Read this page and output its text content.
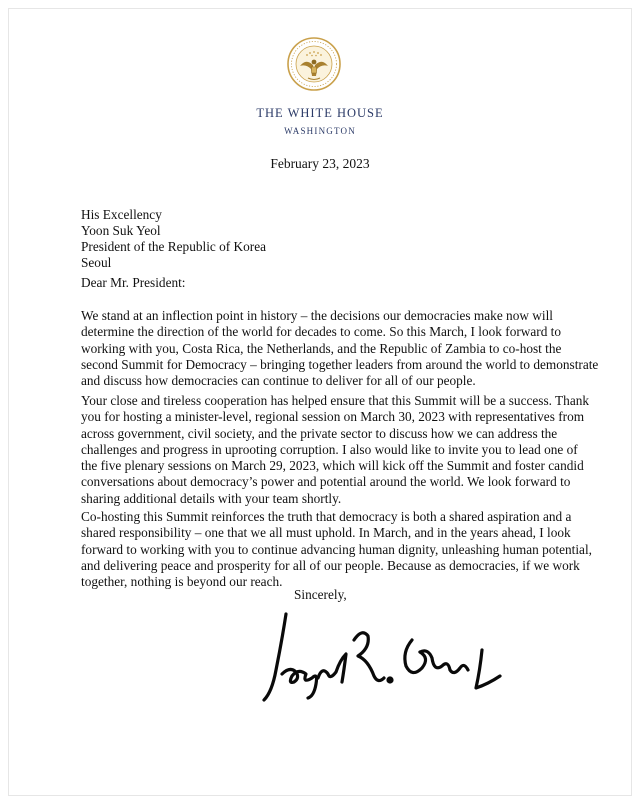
THE WHITE HOUSE
WASHINGTON
February 23, 2023
His Excellency
Yoon Suk Yeol
President of the Republic of Korea
Seoul
Dear Mr. President:
We stand at an inflection point in history – the decisions our democracies make now will
determine the direction of the world for decades to come. So this March, I look forward to
working with you, Costa Rica, the Netherlands, and the Republic of Zambia to co-host the
second Summit for Democracy – bringing together leaders from around the world to demonstrate
and discuss how democracies can continue to deliver for all of our people.
Your close and tireless cooperation has helped ensure that this Summit will be a success. Thank
you for hosting a minister-level, regional session on March 30, 2023 with representatives from
across government, civil society, and the private sector to discuss how we can address the
challenges and progress in uprooting corruption. I also would like to invite you to lead one of
the five plenary sessions on March 29, 2023, which will kick off the Summit and foster candid
conversations about democracy’s power and potential around the world. We look forward to
sharing additional details with your team shortly.
Co-hosting this Summit reinforces the truth that democracy is both a shared aspiration and a
shared responsibility – one that we all must uphold. In March, and in the years ahead, I look
forward to working with you to continue advancing human dignity, unleashing human potential,
and delivering peace and prosperity for all of our people. Because as democracies, if we work
together, nothing is beyond our reach.
Sincerely,
